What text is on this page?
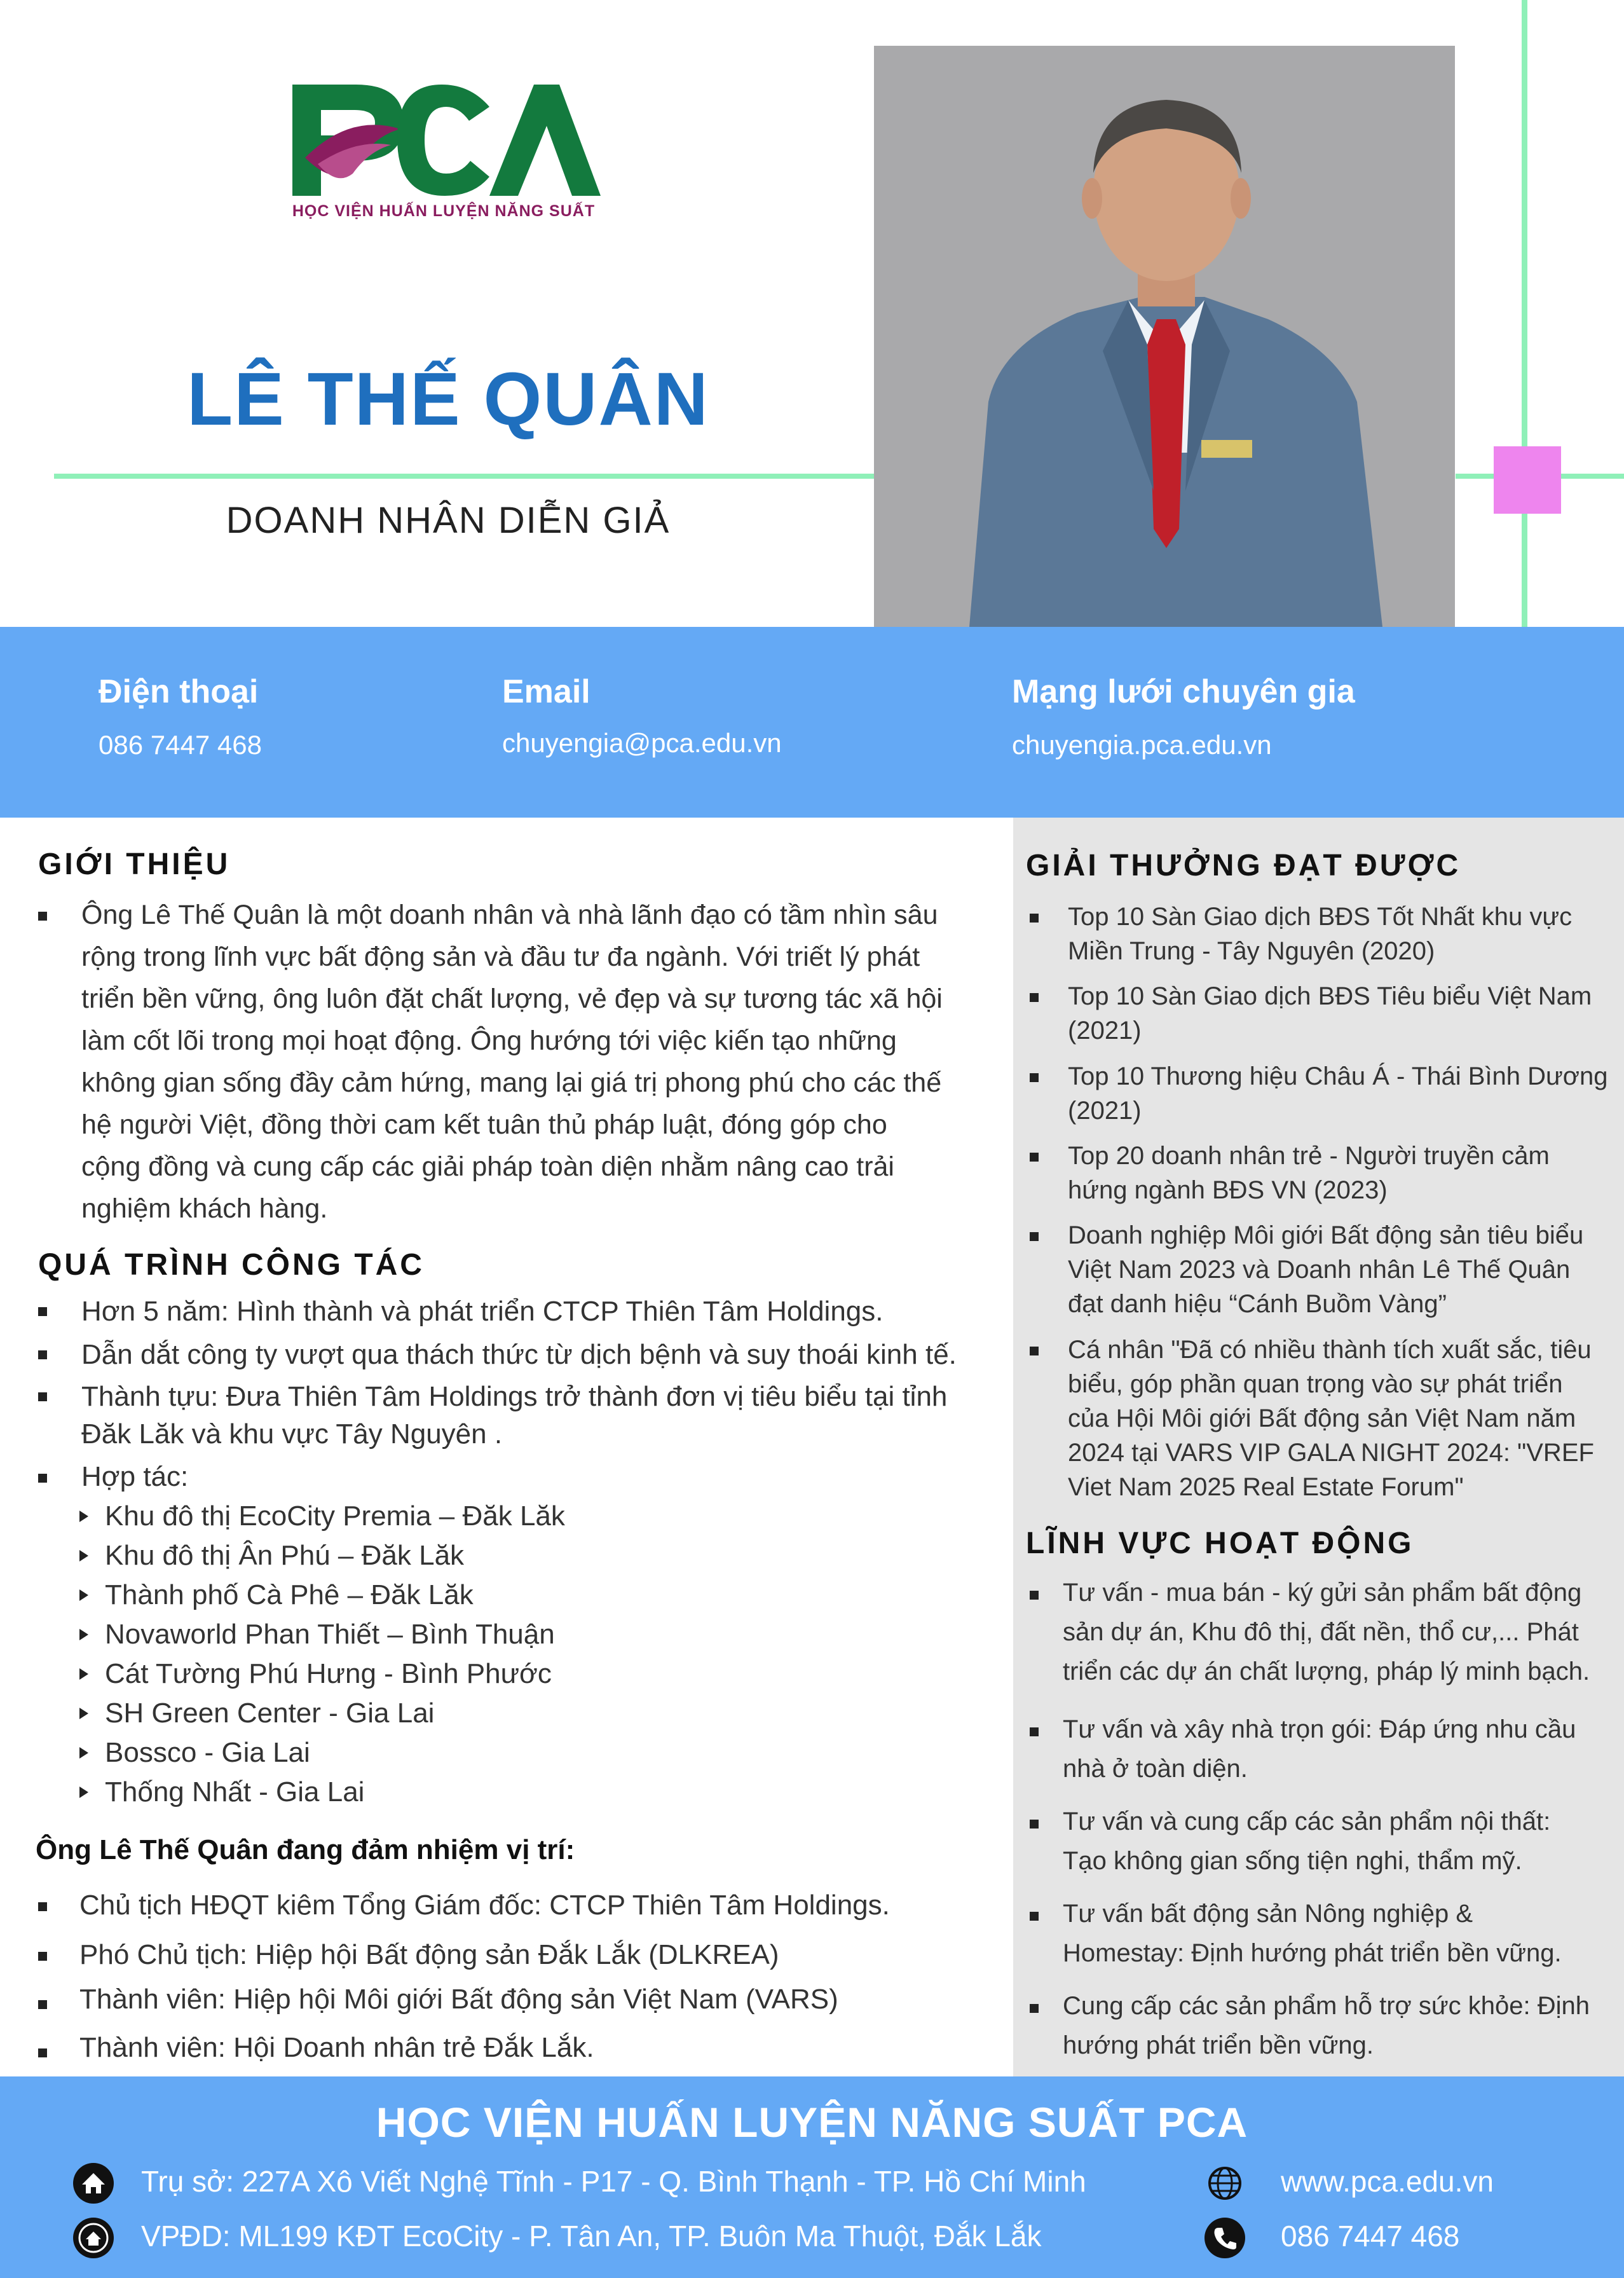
HỌC VIỆN HUẤN LUYỆN NĂNG SUẤT
LÊ THẾ QUÂN
DOANH NHÂN DIỄN GIẢ
Điện thoại
086 7447 468
Email
chuyengia@pca.edu.vn
Mạng lưới chuyên gia
chuyengia.pca.edu.vn
GIỚI THIỆU
Ông Lê Thế Quân là một doanh nhân và nhà lãnh đạo có tầm nhìn sâu
rộng trong lĩnh vực bất động sản và đầu tư đa ngành. Với triết lý phát
triển bền vững, ông luôn đặt chất lượng, vẻ đẹp và sự tương tác xã hội
làm cốt lõi trong mọi hoạt động. Ông hướng tới việc kiến tạo những
không gian sống đầy cảm hứng, mang lại giá trị phong phú cho các thế
hệ người Việt, đồng thời cam kết tuân thủ pháp luật, đóng góp cho
cộng đồng và cung cấp các giải pháp toàn diện nhằm nâng cao trải
nghiệm khách hàng.
QUÁ TRÌNH CÔNG TÁC
Hơn 5 năm: Hình thành và phát triển CTCP Thiên Tâm Holdings.
Dẫn dắt công ty vượt qua thách thức từ dịch bệnh và suy thoái kinh tế.
Thành tựu: Đưa Thiên Tâm Holdings trở thành đơn vị tiêu biểu tại tỉnh
Đăk Lăk và khu vực Tây Nguyên .
Hợp tác:
Khu đô thị EcoCity Premia – Đăk Lăk
Khu đô thị Ân Phú – Đăk Lăk
Thành phố Cà Phê – Đăk Lăk
Novaworld Phan Thiết – Bình Thuận
Cát Tường Phú Hưng - Bình Phước
SH Green Center - Gia Lai
Bossco - Gia Lai
Thống Nhất - Gia Lai
Ông Lê Thế Quân đang đảm nhiệm vị trí:
Chủ tịch HĐQT kiêm Tổng Giám đốc: CTCP Thiên Tâm Holdings.
Phó Chủ tịch: Hiệp hội Bất động sản Đắk Lắk (DLKREA)
Thành viên: Hiệp hội Môi giới Bất động sản Việt Nam (VARS)
Thành viên: Hội Doanh nhân trẻ Đắk Lắk.
GIẢI THƯỞNG ĐẠT ĐƯỢC
Top 10 Sàn Giao dịch BĐS Tốt Nhất khu vực
Miền Trung - Tây Nguyên (2020)
Top 10 Sàn Giao dịch BĐS Tiêu biểu Việt Nam
(2021)
Top 10 Thương hiệu Châu Á - Thái Bình Dương
(2021)
Top 20 doanh nhân trẻ - Người truyền cảm
hứng ngành BĐS VN (2023)
Doanh nghiệp Môi giới Bất động sản tiêu biểu
Việt Nam 2023 và Doanh nhân Lê Thế Quân
đạt danh hiệu “Cánh Buồm Vàng”
Cá nhân "Đã có nhiều thành tích xuất sắc, tiêu
biểu, góp phần quan trọng vào sự phát triển
của Hội Môi giới Bất động sản Việt Nam năm
2024 tại VARS VIP GALA NIGHT 2024: "VREF
Viet Nam 2025 Real Estate Forum"
LĨNH VỰC HOẠT ĐỘNG
Tư vấn - mua bán - ký gửi sản phẩm bất động
sản dự án, Khu đô thị, đất nền, thổ cư,... Phát
triển các dự án chất lượng, pháp lý minh bạch.
Tư vấn và xây nhà trọn gói: Đáp ứng nhu cầu
nhà ở toàn diện.
Tư vấn và cung cấp các sản phẩm nội thất:
Tạo không gian sống tiện nghi, thẩm mỹ.
Tư vấn bất động sản Nông nghiệp &
Homestay: Định hướng phát triển bền vững.
Cung cấp các sản phẩm hỗ trợ sức khỏe: Định
hướng phát triển bền vững.
HỌC VIỆN HUẤN LUYỆN NĂNG SUẤT PCA
Trụ sở: 227A Xô Viết Nghệ Tĩnh - P17 - Q. Bình Thạnh - TP. Hồ Chí Minh
VPĐD: ML199 KĐT EcoCity - P. Tân An, TP. Buôn Ma Thuột, Đắk Lắk
www.pca.edu.vn
086 7447 468
